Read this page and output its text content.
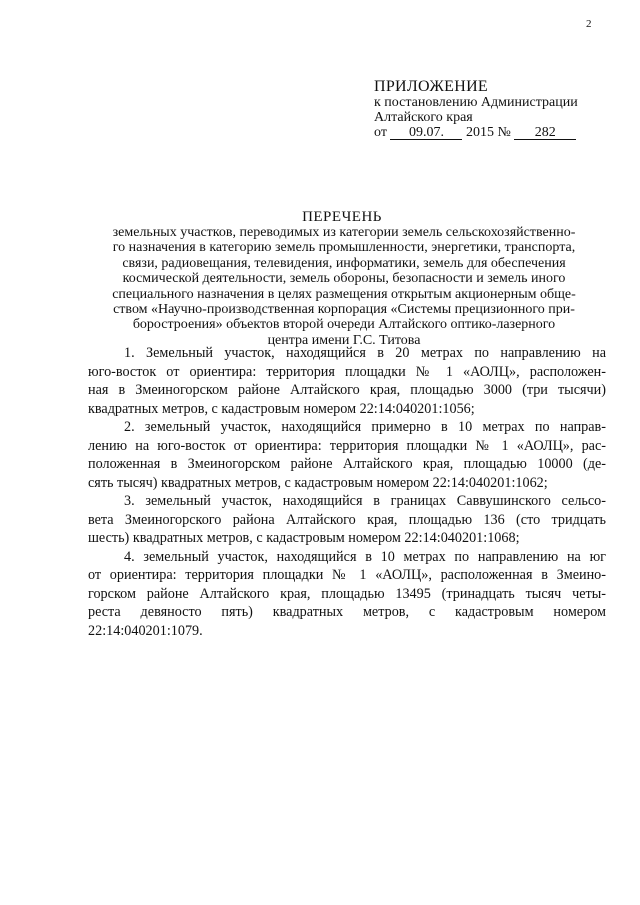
2
ПРИЛОЖЕНИЕ
к постановлению Администрации
Алтайского края
от 09.07. 2015 № 282
ПЕРЕЧЕНЬ
земельных участков, переводимых из категории земель сельскохозяйственно-
го назначения в категорию земель промышленности, энергетики, транспорта,
связи, радиовещания, телевидения, информатики, земель для обеспечения
космической деятельности, земель обороны, безопасности и земель иного
специального назначения в целях размещения открытым акционерным обще-
ством «Научно-производственная корпорация «Системы прецизионного при-
боростроения» объектов второй очереди Алтайского оптико-лазерного
центра имени Г.С. Титова
1. Земельный участок, находящийся в 20 метрах по направлению на
юго-восток от ориентира: территория площадки № 1 «АОЛЦ», расположен-
ная в Змеиногорском районе Алтайского края, площадью 3000 (три тысячи)
квадратных метров, с кадастровым номером 22:14:040201:1056;
2. земельный участок, находящийся примерно в 10 метрах по направ-
лению на юго-восток от ориентира: территория площадки № 1 «АОЛЦ», рас-
положенная в Змеиногорском районе Алтайского края, площадью 10000 (де-
сять тысяч) квадратных метров, с кадастровым номером 22:14:040201:1062;
3. земельный участок, находящийся в границах Саввушинского сельсо-
вета Змеиногорского района Алтайского края, площадью 136 (сто тридцать
шесть) квадратных метров, с кадастровым номером 22:14:040201:1068;
4. земельный участок, находящийся в 10 метрах по направлению на юг
от ориентира: территория площадки № 1 «АОЛЦ», расположенная в Змеино-
горском районе Алтайского края, площадью 13495 (тринадцать тысяч четы-
реста девяносто пять) квадратных метров, с кадастровым номером
22:14:040201:1079.
